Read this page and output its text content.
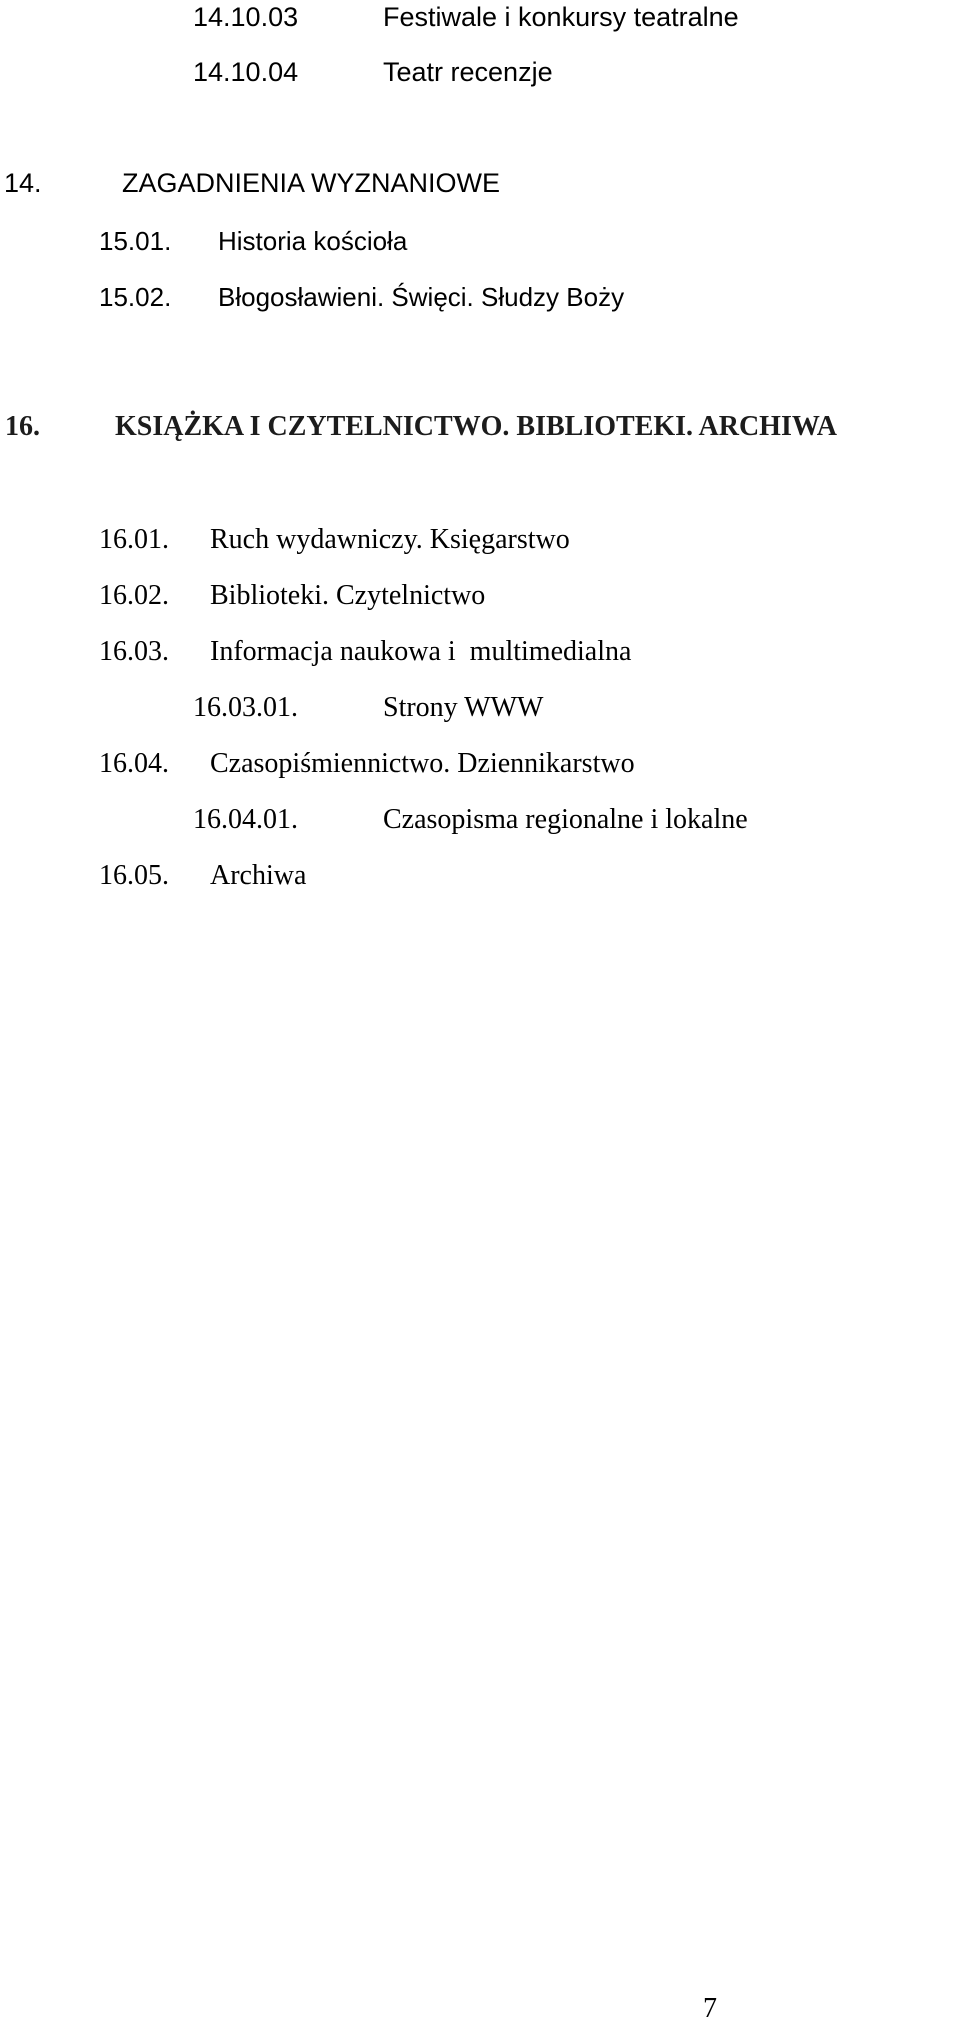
14.10.03	Festiwale i konkursy teatralne
14.10.04	Teatr recenzje
14.	ZAGADNIENIA WYZNANIOWE
15.01. Historia kościoła
15.02. Błogosławieni. Święci. Słudzy Boży
16.	KSIĄŻKA I CZYTELNICTWO. BIBLIOTEKI. ARCHIWA
16.01. Ruch wydawniczy. Księgarstwo
16.02. Biblioteki. Czytelnictwo
16.03. Informacja naukowa i  multimedialna
16.03.01.	Strony WWW
16.04. Czasopiśmiennictwo. Dziennikarstwo
16.04.01.	Czasopisma regionalne i lokalne
16.05. Archiwa
7
